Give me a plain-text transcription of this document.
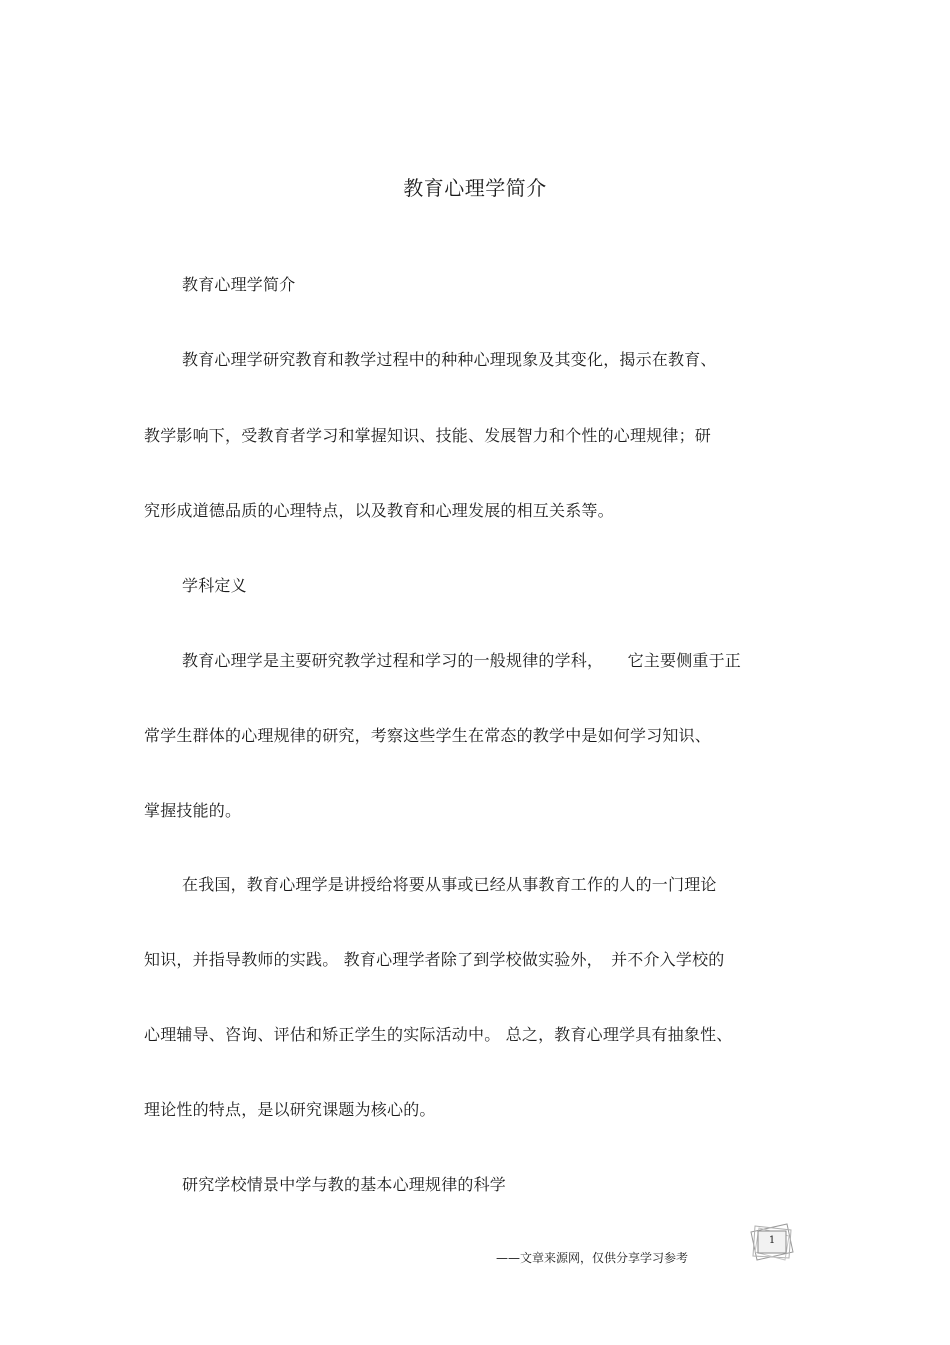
教育心理学简介
教育心理学简介
教育心理学研究教育和教学过程中的种种心理现象及其变化，揭示在教育、
教学影响下，受教育者学习和掌握知识、技能、发展智力和个性的心理规律；研
究形成道德品质的心理特点，以及教育和心理发展的相互关系等。
学科定义
教育心理学是主要研究教学过程和学习的一般规律的学科，　　它主要侧重于正
常学生群体的心理规律的研究，考察这些学生在常态的教学中是如何学习知识、
掌握技能的。
在我国，教育心理学是讲授给将要从事或已经从事教育工作的人的一门理论
知识，并指导教师的实践。 教育心理学者除了到学校做实验外，　并不介入学校的
心理辅导、咨询、评估和矫正学生的实际活动中。 总之，教育心理学具有抽象性、
理论性的特点，是以研究课题为核心的。
研究学校情景中学与教的基本心理规律的科学
——文章来源网，仅供分享学习参考
1
